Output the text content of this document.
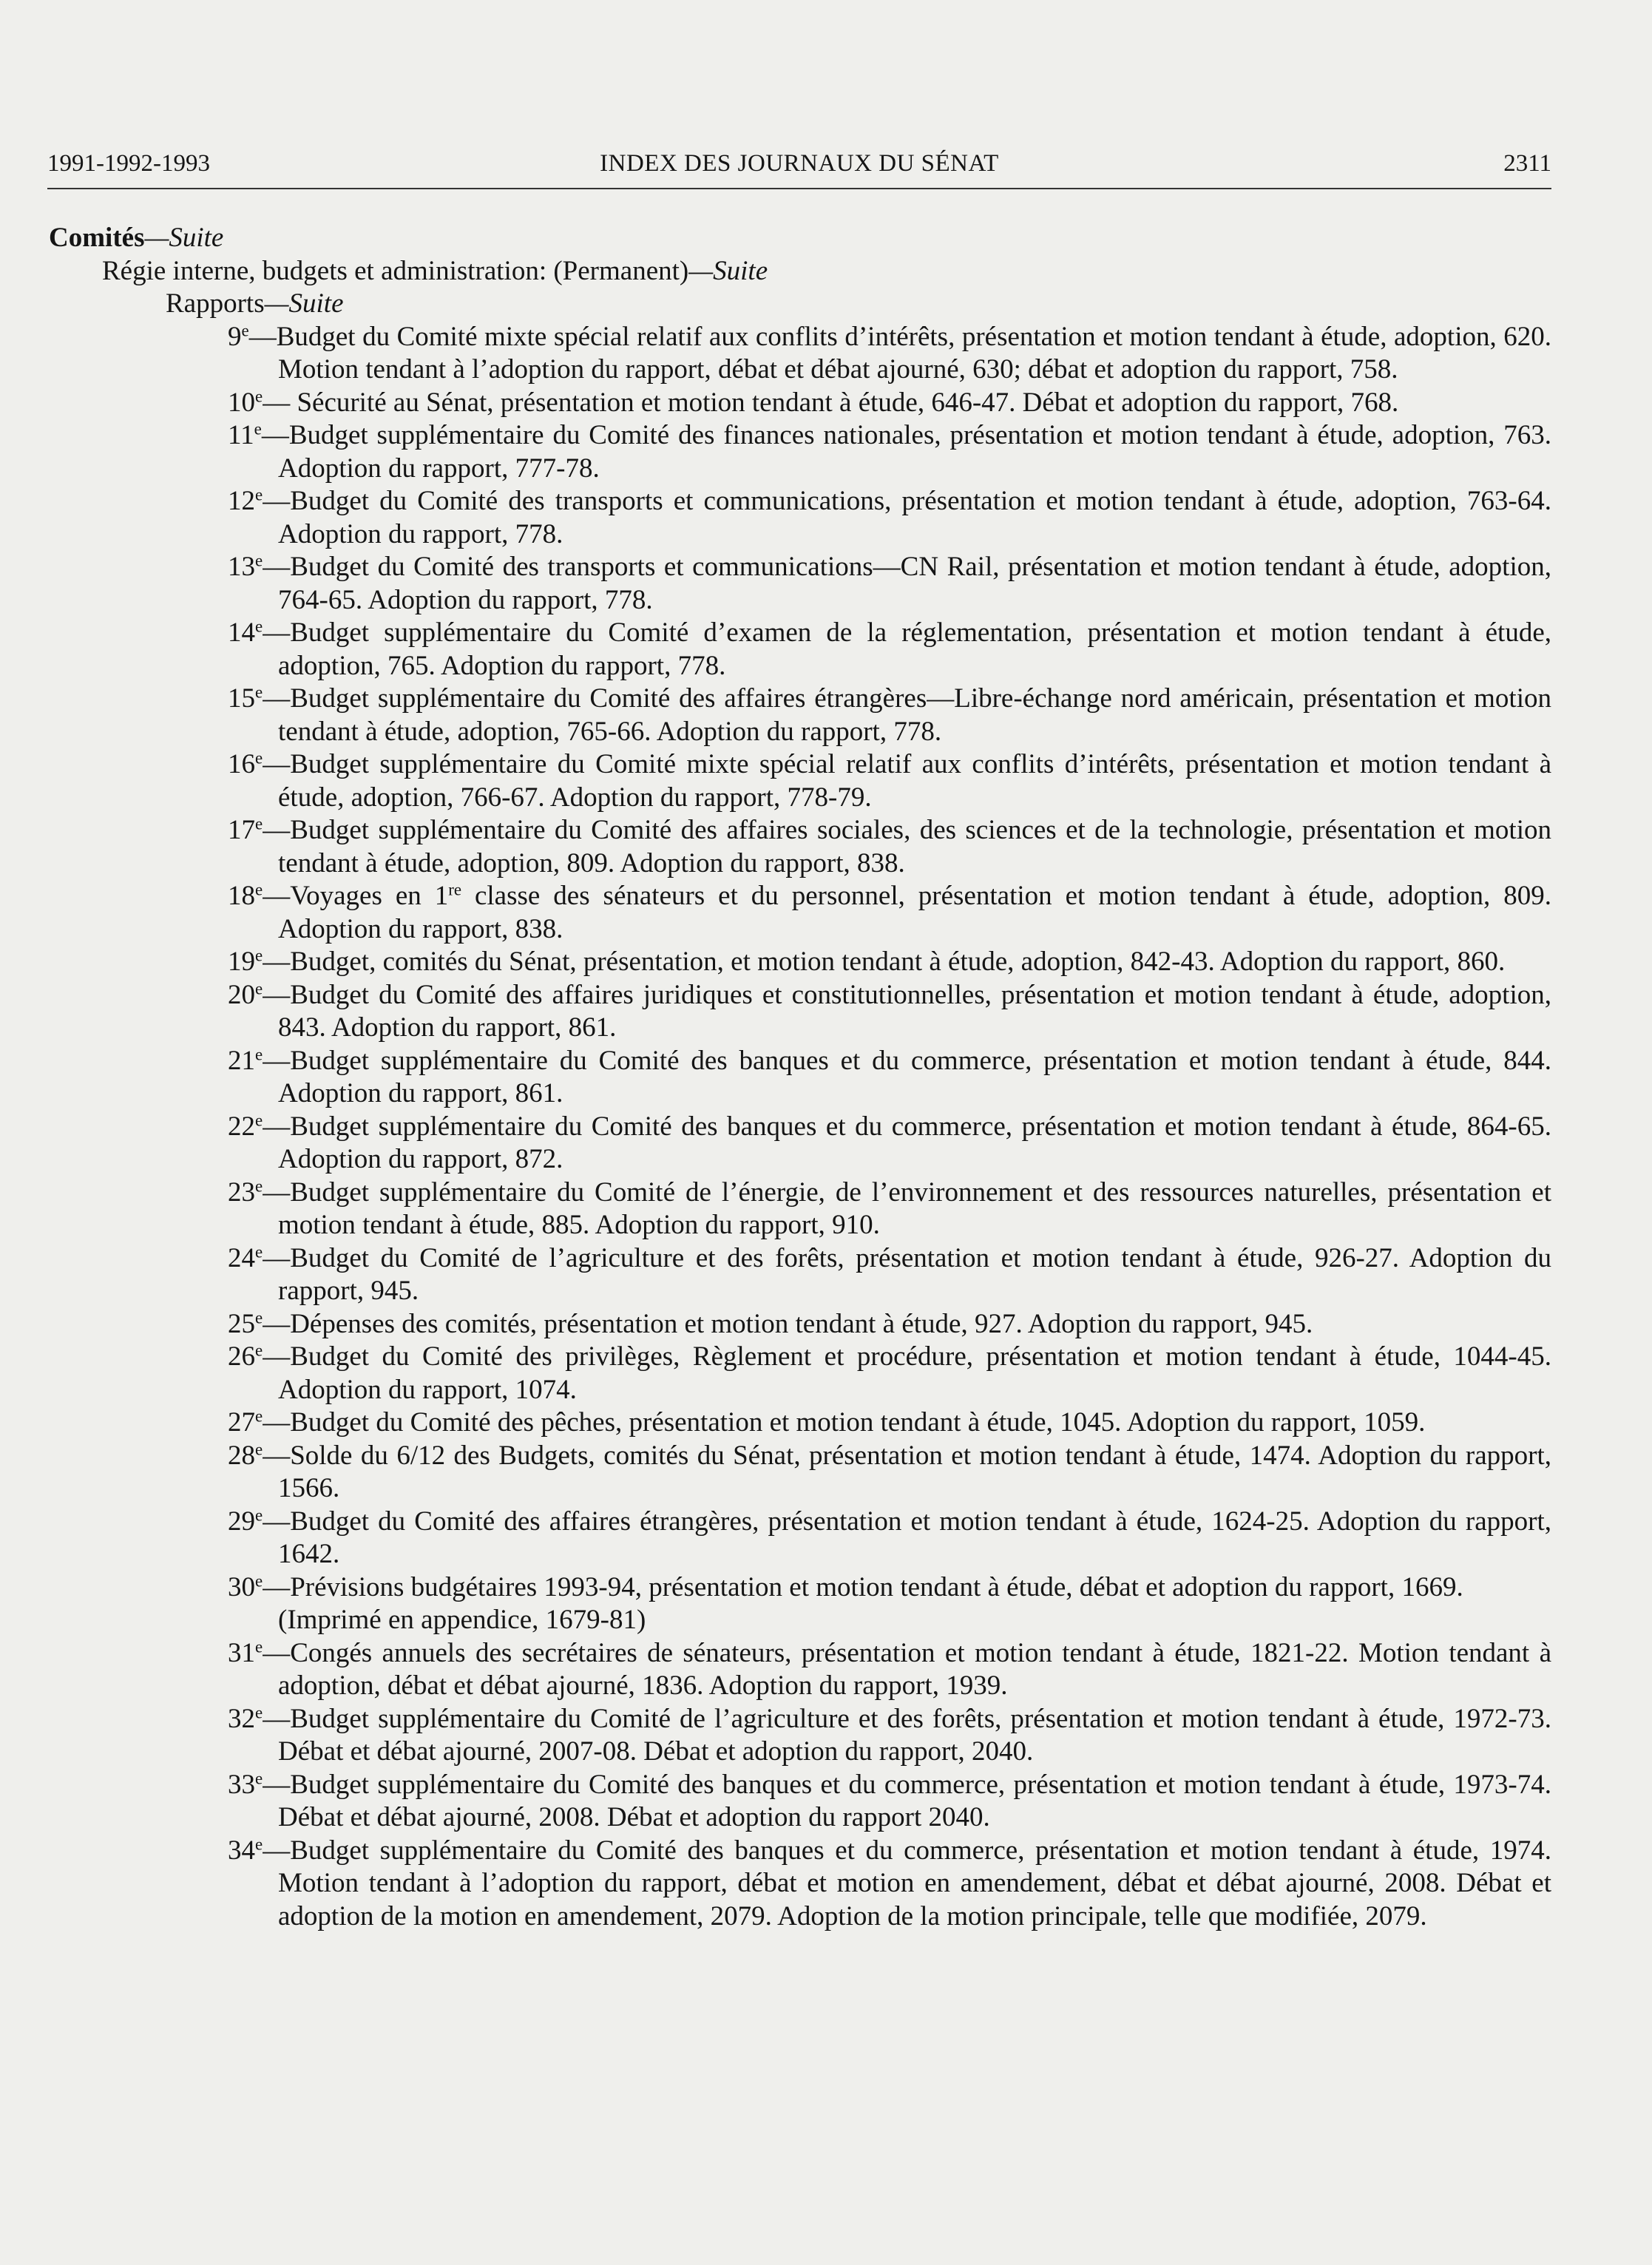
1991-1992-1993	INDEX DES JOURNAUX DU SÉNAT	2311
Comités—Suite
Régie interne, budgets et administration: (Permanent)—Suite
Rapports—Suite
9e—Budget du Comité mixte spécial relatif aux conflits d’intérêts, présentation et motion tendant à étude, adoption, 620. Motion tendant à l’adoption du rapport, débat et débat ajourné, 630; débat et adoption du rapport, 758.
10e— Sécurité au Sénat, présentation et motion tendant à étude, 646-47. Débat et adoption du rapport, 768.
11e—Budget supplémentaire du Comité des finances nationales, présentation et motion tendant à étude, adoption, 763. Adoption du rapport, 777-78.
12e—Budget du Comité des transports et communications, présentation et motion tendant à étude, adoption, 763-64. Adoption du rapport, 778.
13e—Budget du Comité des transports et communications—CN Rail, présentation et motion tendant à étude, adoption, 764-65. Adoption du rapport, 778.
14e—Budget supplémentaire du Comité d’examen de la réglementation, présentation et motion tendant à étude, adoption, 765. Adoption du rapport, 778.
15e—Budget supplémentaire du Comité des affaires étrangères—Libre-échange nord américain, présentation et motion tendant à étude, adoption, 765-66. Adoption du rapport, 778.
16e—Budget supplémentaire du Comité mixte spécial relatif aux conflits d’intérêts, présentation et motion tendant à étude, adoption, 766-67. Adoption du rapport, 778-79.
17e—Budget supplémentaire du Comité des affaires sociales, des sciences et de la technologie, présentation et motion tendant à étude, adoption, 809. Adoption du rapport, 838.
18e—Voyages en 1re classe des sénateurs et du personnel, présentation et motion tendant à étude, adoption, 809. Adoption du rapport, 838.
19e—Budget, comités du Sénat, présentation, et motion tendant à étude, adoption, 842-43. Adoption du rapport, 860.
20e—Budget du Comité des affaires juridiques et constitutionnelles, présentation et motion tendant à étude, adoption, 843. Adoption du rapport, 861.
21e—Budget supplémentaire du Comité des banques et du commerce, présentation et motion tendant à étude, 844. Adoption du rapport, 861.
22e—Budget supplémentaire du Comité des banques et du commerce, présentation et motion tendant à étude, 864-65. Adoption du rapport, 872.
23e—Budget supplémentaire du Comité de l’énergie, de l’environnement et des ressources naturelles, présentation et motion tendant à étude, 885. Adoption du rapport, 910.
24e—Budget du Comité de l’agriculture et des forêts, présentation et motion tendant à étude, 926-27. Adoption du rapport, 945.
25e—Dépenses des comités, présentation et motion tendant à étude, 927. Adoption du rapport, 945.
26e—Budget du Comité des privilèges, Règlement et procédure, présentation et motion tendant à étude, 1044-45. Adoption du rapport, 1074.
27e—Budget du Comité des pêches, présentation et motion tendant à étude, 1045. Adoption du rapport, 1059.
28e—Solde du 6/12 des Budgets, comités du Sénat, présentation et motion tendant à étude, 1474. Adoption du rapport, 1566.
29e—Budget du Comité des affaires étrangères, présentation et motion tendant à étude, 1624-25. Adoption du rapport, 1642.
30e—Prévisions budgétaires 1993-94, présentation et motion tendant à étude, débat et adoption du rapport, 1669.
(Imprimé en appendice, 1679-81)
31e—Congés annuels des secrétaires de sénateurs, présentation et motion tendant à étude, 1821-22. Motion tendant à adoption, débat et débat ajourné, 1836. Adoption du rapport, 1939.
32e—Budget supplémentaire du Comité de l’agriculture et des forêts, présentation et motion tendant à étude, 1972-73. Débat et débat ajourné, 2007-08. Débat et adoption du rapport, 2040.
33e—Budget supplémentaire du Comité des banques et du commerce, présentation et motion tendant à étude, 1973-74. Débat et débat ajourné, 2008. Débat et adoption du rapport 2040.
34e—Budget supplémentaire du Comité des banques et du commerce, présentation et motion tendant à étude, 1974. Motion tendant à l’adoption du rapport, débat et motion en amendement, débat et débat ajourné, 2008. Débat et adoption de la motion en amendement, 2079. Adoption de la motion principale, telle que modifiée, 2079.
